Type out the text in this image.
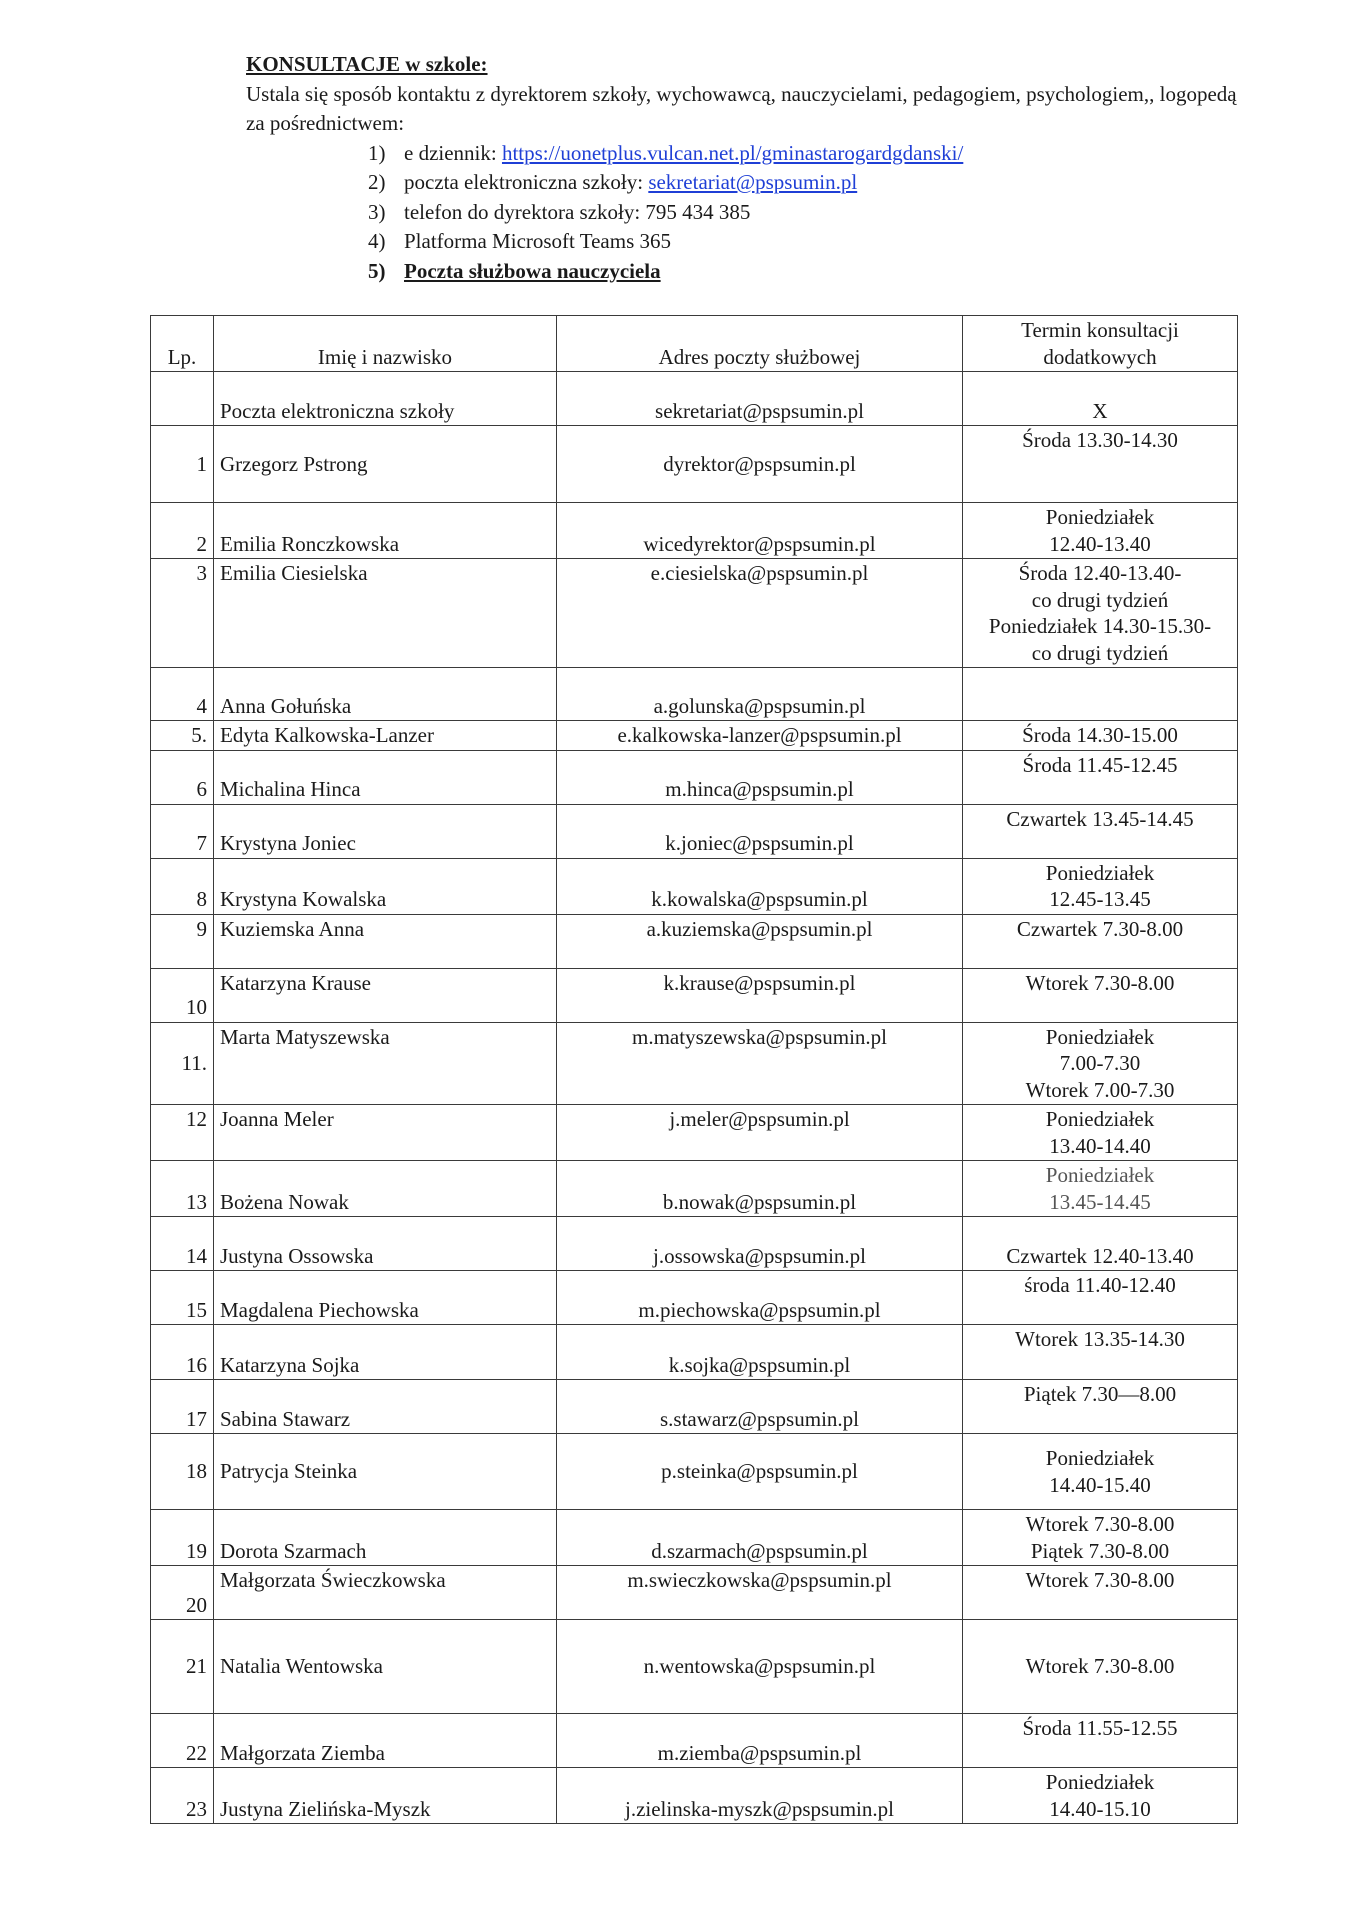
KONSULTACJE w szkole:
Ustala się sposób kontaktu z dyrektorem szkoły, wychowawcą, nauczycielami, pedagogiem, psychologiem,, logopedą za pośrednictwem:
1) e dziennik: https://uonetplus.vulcan.net.pl/gminastarogardgdanski/
2) poczta elektroniczna szkoły: sekretariat@pspsumin.pl
3) telefon do dyrektora szkoły: 795 434 385
4) Platforma Microsoft Teams 365
5) Poczta służbowa nauczyciela
Lp.	Imię i nazwisko	Adres poczty służbowej	Termin konsultacji dodatkowych
	Poczta elektroniczna szkoły	sekretariat@pspsumin.pl	X

1	Grzegorz Pstrong	dyrektor@pspsumin.pl	Środa 13.30-14.30

2	Emilia Ronczkowska	wicedyrektor@pspsumin.pl	Poniedziałek
12.40-13.40

3	Emilia Ciesielska	e.ciesielska@pspsumin.pl	Środa 12.40-13.40-
co drugi tydzień
Poniedziałek 14.30-15.30-
co drugi tydzień

4	Anna Gołuńska	a.golunska@pspsumin.pl	
5.	Edyta Kalkowska-Lanzer	e.kalkowska-lanzer@pspsumin.pl	Środa 14.30-15.00

6	Michalina Hinca	m.hinca@pspsumin.pl	Środa 11.45-12.45

7	Krystyna Joniec	k.joniec@pspsumin.pl	Czwartek 13.45-14.45

8	Krystyna Kowalska	k.kowalska@pspsumin.pl	Poniedziałek
12.45-13.45

9	Kuziemska Anna	a.kuziemska@pspsumin.pl	Czwartek 7.30-8.00

10	Katarzyna Krause	k.krause@pspsumin.pl	Wtorek 7.30-8.00

11.	Marta Matyszewska	m.matyszewska@pspsumin.pl	Poniedziałek
7.00-7.30
Wtorek 7.00-7.30

12	Joanna Meler	j.meler@pspsumin.pl	Poniedziałek
13.40-14.40

13	Bożena Nowak	b.nowak@pspsumin.pl	Poniedziałek
13.45-14.45

14	Justyna Ossowska	j.ossowska@pspsumin.pl	Czwartek 12.40-13.40

15	Magdalena Piechowska	m.piechowska@pspsumin.pl	środa 11.40-12.40

16	Katarzyna Sojka	k.sojka@pspsumin.pl	Wtorek 13.35-14.30

17	Sabina Stawarz	s.stawarz@pspsumin.pl	Piątek 7.30—8.00

18	Patrycja Steinka	p.steinka@pspsumin.pl	Poniedziałek
14.40-15.40

19	Dorota Szarmach	d.szarmach@pspsumin.pl	Wtorek 7.30-8.00
Piątek 7.30-8.00

20	Małgorzata Świeczkowska	m.swieczkowska@pspsumin.pl	Wtorek 7.30-8.00

21	Natalia Wentowska	n.wentowska@pspsumin.pl	Wtorek 7.30-8.00

22	Małgorzata Ziemba	m.ziemba@pspsumin.pl	Środa 11.55-12.55

23	Justyna Zielińska-Myszk	j.zielinska-myszk@pspsumin.pl	Poniedziałek
14.40-15.10
